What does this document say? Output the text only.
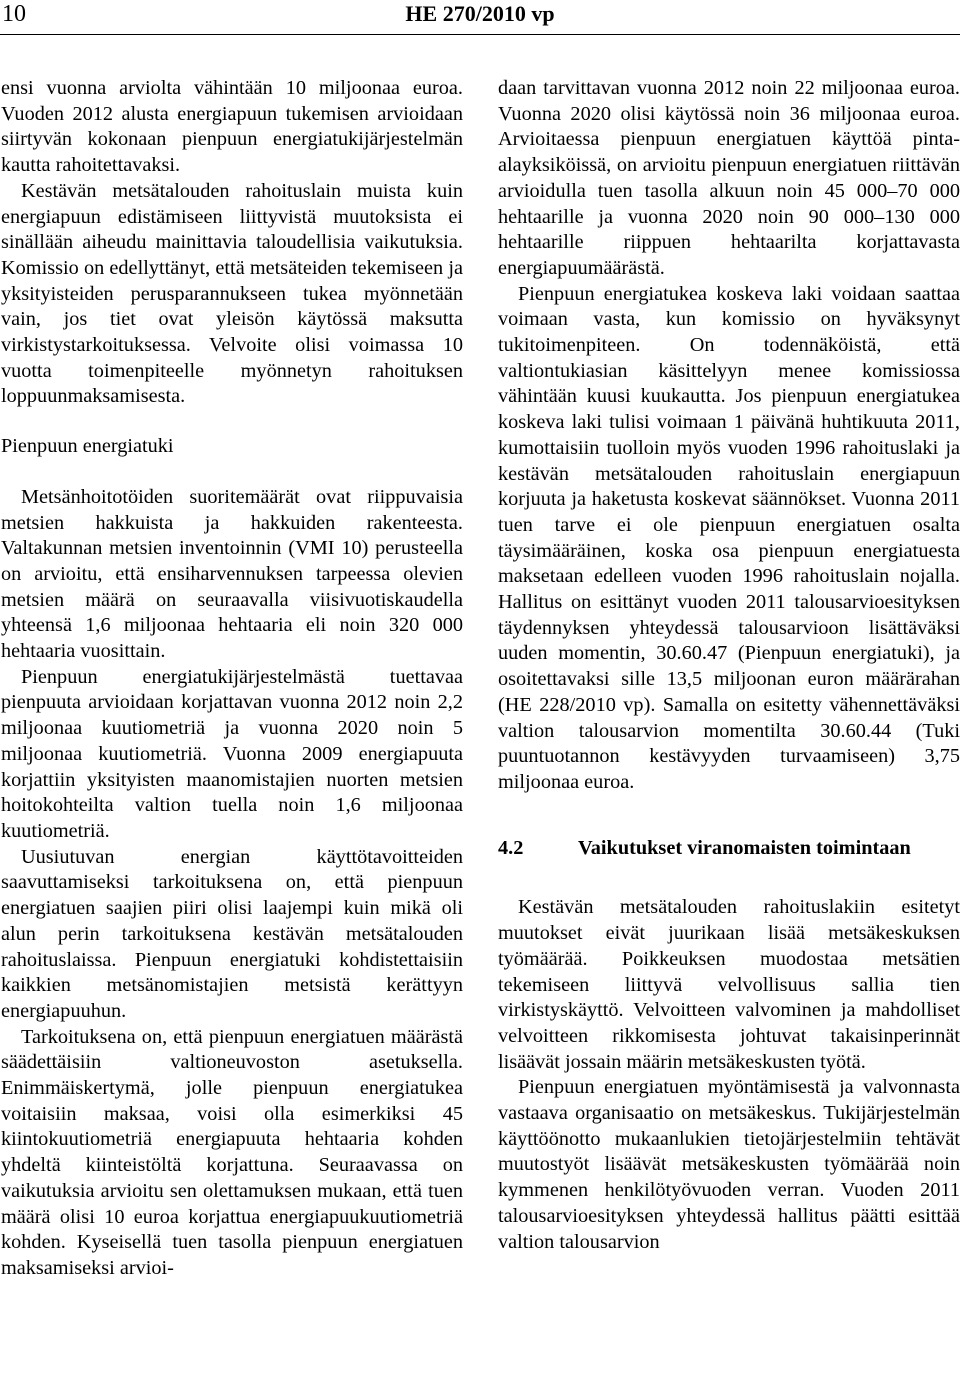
10	HE 270/2010 vp

ensi vuonna arviolta vähintään 10 miljoonaa euroa. Vuoden 2012 alusta energiapuun tukemisen arvioidaan siirtyvän kokonaan pienpuun energiatukijärjestelmän kautta rahoitettavaksi.

Kestävän metsätalouden rahoituslain muista kuin energiapuun edistämiseen liittyvistä muutoksista ei sinällään aiheudu mainittavia taloudellisia vaikutuksia. Komissio on edellyttänyt, että metsäteiden tekemiseen ja yksityisteiden perusparannukseen tukea myönnetään vain, jos tiet ovat yleisön käytössä maksutta virkistystarkoituksessa. Velvoite olisi voimassa 10 vuotta toimenpiteelle myönnetyn rahoituksen loppuunmaksamisesta.

Pienpuun energiatuki

Metsänhoitotöiden suoritemäärät ovat riippuvaisia metsien hakkuista ja hakkuiden rakenteesta. Valtakunnan metsien inventoinnin (VMI 10) perusteella on arvioitu, että ensiharvennuksen tarpeessa olevien metsien määrä on seuraavalla viisivuotiskaudella yhteensä 1,6 miljoonaa hehtaaria eli noin 320 000 hehtaaria vuosittain.

Pienpuun energiatukijärjestelmästä tuettavaa pienpuuta arvioidaan korjattavan vuonna 2012 noin 2,2 miljoonaa kuutiometriä ja vuonna 2020 noin 5 miljoonaa kuutiometriä. Vuonna 2009 energiapuuta korjattiin yksityisten maanomistajien nuorten metsien hoitokohteilta valtion tuella noin 1,6 miljoonaa kuutiometriä.

Uusiutuvan energian käyttötavoitteiden saavuttamiseksi tarkoituksena on, että pienpuun energiatuen saajien piiri olisi laajempi kuin mikä oli alun perin tarkoituksena kestävän metsätalouden rahoituslaissa. Pienpuun energiatuki kohdistettaisiin kaikkien metsänomistajien metsistä kerättyyn energiapuuhun.

Tarkoituksena on, että pienpuun energiatuen määrästä säädettäisiin valtioneuvoston asetuksella. Enimmäiskertymä, jolle pienpuun energiatukea voitaisiin maksaa, voisi olla esimerkiksi 45 kiintokuutiometriä energiapuuta hehtaaria kohden yhdeltä kiinteistöltä korjattuna. Seuraavassa on vaikutuksia arvioitu sen olettamuksen mukaan, että tuen määrä olisi 10 euroa korjattua energiapuukuutiometriä kohden. Kyseisellä tuen tasolla pienpuun energiatuen maksamiseksi arvioi-

daan tarvittavan vuonna 2012 noin 22 miljoonaa euroa. Vuonna 2020 olisi käytössä noin 36 miljoonaa euroa. Arvioitaessa pienpuun energiatuen käyttöä pinta-alayksiköissä, on arvioitu pienpuun energiatuen riittävän arvioidulla tuen tasolla alkuun noin 45 000–70 000 hehtaarille ja vuonna 2020 noin 90 000–130 000 hehtaarille riippuen hehtaarilta korjattavasta energiapuumäärästä.

Pienpuun energiatukea koskeva laki voidaan saattaa voimaan vasta, kun komissio on hyväksynyt tukitoimenpiteen. On todennäköistä, että valtiontukiasian käsittelyyn menee komissiossa vähintään kuusi kuukautta. Jos pienpuun energiatukea koskeva laki tulisi voimaan 1 päivänä huhtikuuta 2011, kumottaisiin tuolloin myös vuoden 1996 rahoituslaki ja kestävän metsätalouden rahoituslain energiapuun korjuuta ja haketusta koskevat säännökset. Vuonna 2011 tuen tarve ei ole pienpuun energiatuen osalta täysimääräinen, koska osa pienpuun energiatuesta maksetaan edelleen vuoden 1996 rahoituslain nojalla. Hallitus on esittänyt vuoden 2011 talousarvioesityksen täydennyksen yhteydessä talousarvioon lisättäväksi uuden momentin, 30.60.47 (Pienpuun energiatuki), ja osoitettavaksi sille 13,5 miljoonan euron määrärahan (HE 228/2010 vp). Samalla on esitetty vähennettäväksi valtion talousarvion momentilta 30.60.44 (Tuki puuntuotannon kestävyyden turvaamiseen) 3,75 miljoonaa euroa.

4.2	Vaikutukset viranomaisten toimintaan

Kestävän metsätalouden rahoituslakiin esitetyt muutokset eivät juurikaan lisää metsäkeskuksen työmäärää. Poikkeuksen muodostaa metsätien tekemiseen liittyvä velvollisuus sallia tien virkistyskäyttö. Velvoitteen valvominen ja mahdolliset velvoitteen rikkomisesta johtuvat takaisinperinnät lisäävät jossain määrin metsäkeskusten työtä.

Pienpuun energiatuen myöntämisestä ja valvonnasta vastaava organisaatio on metsäkeskus. Tukijärjestelmän käyttöönotto mukaanlukien tietojärjestelmiin tehtävät muutostyöt lisäävät metsäkeskusten työmäärää noin kymmenen henkilötyövuoden verran. Vuoden 2011 talousarvioesityksen yhteydessä hallitus päätti esittää valtion talousarvion
